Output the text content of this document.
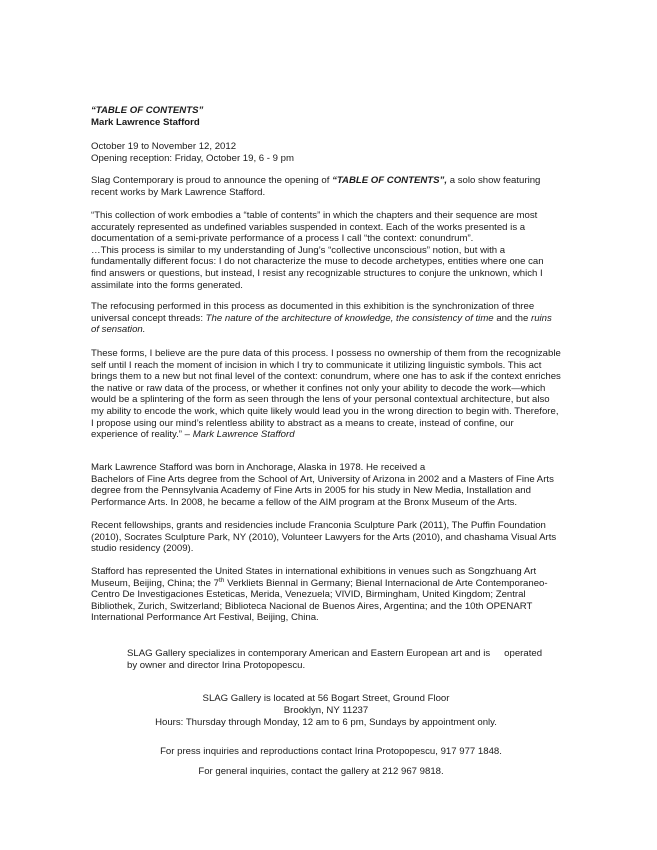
“TABLE OF CONTENTS”
Mark Lawrence Stafford
October 19 to November 12, 2012
Opening reception: Friday, October 19, 6 - 9 pm
Slag Contemporary is proud to announce the opening of “TABLE OF CONTENTS”, a solo show featuring recent works by Mark Lawrence Stafford.
“This collection of work embodies a “table of contents” in which the chapters and their sequence are most accurately represented as undefined variables suspended in context. Each of the works presented is a documentation of a semi-private performance of a process I call “the context: conundrum”.
…This process is similar to my understanding of Jung’s “collective unconscious” notion, but with a fundamentally different focus: I do not characterize the muse to decode archetypes, entities where one can find answers or questions, but instead, I resist any recognizable structures to conjure the unknown, which I assimilate into the forms generated.
The refocusing performed in this process as documented in this exhibition is the synchronization of three universal concept threads: The nature of the architecture of knowledge, the consistency of time and the ruins of sensation.
These forms, I believe are the pure data of this process. I possess no ownership of them from the recognizable self until I reach the moment of incision in which I try to communicate it utilizing linguistic symbols. This act brings them to a new but not final level of the context: conundrum, where one has to ask if the context enriches the native or raw data of the process, or whether it confines not only your ability to decode the work—which would be a splintering of the form as seen through the lens of your personal contextual architecture, but also my ability to encode the work, which quite likely would lead you in the wrong direction to begin with. Therefore, I propose using our mind’s relentless ability to abstract as a means to create, instead of confine, our experience of reality.” – Mark Lawrence Stafford
Mark Lawrence Stafford was born in Anchorage, Alaska in 1978. He received a
Bachelors of Fine Arts degree from the School of Art, University of Arizona in 2002 and a Masters of Fine Arts degree from the Pennsylvania Academy of Fine Arts in 2005 for his study in New Media, Installation and Performance Arts. In 2008, he became a fellow of the AIM program at the Bronx Museum of the Arts.
Recent fellowships, grants and residencies include Franconia Sculpture Park (2011), The Puffin Foundation (2010), Socrates Sculpture Park, NY (2010), Volunteer Lawyers for the Arts (2010), and chashama Visual Arts studio residency (2009).
Stafford has represented the United States in international exhibitions in venues such as Songzhuang Art Museum, Beijing, China; the 7th Verkliets Biennal in Germany; Bienal Internacional de Arte Contemporaneo-Centro De Investigaciones Esteticas, Merida, Venezuela; VIVID, Birmingham, United Kingdom; Zentral Bibliothek, Zurich, Switzerland; Biblioteca Nacional de Buenos Aires, Argentina; and the 10th OPENART International Performance Art Festival, Beijing, China.
SLAG Gallery specializes in contemporary American and Eastern European art and is operated
by owner and director Irina Protopopescu.
SLAG Gallery is located at 56 Bogart Street, Ground Floor
Brooklyn, NY 11237
Hours: Thursday through Monday, 12 am to 6 pm, Sundays by appointment only.
For press inquiries and reproductions contact Irina Protopopescu, 917 977 1848.
For general inquiries, contact the gallery at 212 967 9818.
